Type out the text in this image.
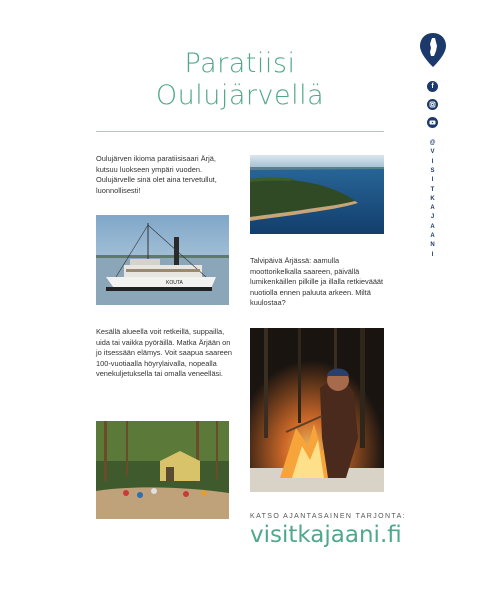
Paratiisi
Oulujärvellä	f
@
V
I
S
I
T
K
A
J
A
A
N
I
Oulujärven ikioma paratiisisaari Ärjä, kutsuu luokseen ympäri vuoden. Oulujärvelle sinä olet aina tervetullut, luonnollisesti!
KOUTA
Talvipäivä Ärjässä: aamulla moottorikelkalla saareen, päivällä lumikenkäillen pilkille ja illalla retkievääät nuotiolla ennen paluuta arkeen. Miltä kuulostaa?
Kesällä alueella voit retkeillä, suppailla, uida tai vaikka pyöräillä. Matka Ärjään on jo itsessään elämys. Voit saapua saareen 100-vuotiaalla höyrylaivalla, nopealla venekuljetuksella tai omalla veneelläsi.
KATSO AJANTASAINEN TARJONTA:
visitkajaani.fi
